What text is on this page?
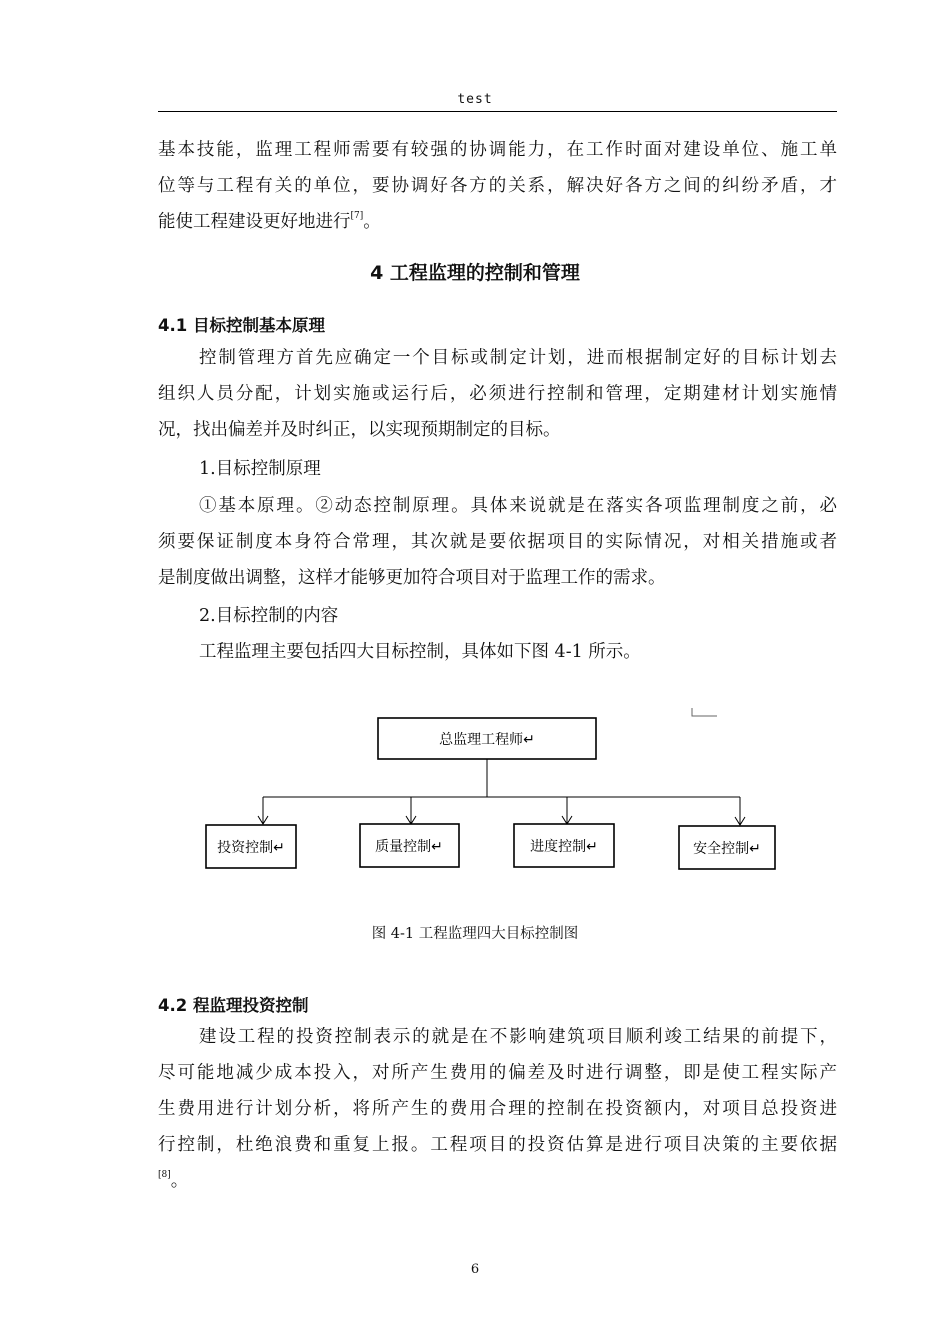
test
基本技能，监理工程师需要有较强的协调能力，在工作时面对建设单位、施工单
位等与工程有关的单位，要协调好各方的关系，解决好各方之间的纠纷矛盾，才
能使工程建设更好地进行[7]。
4 工程监理的控制和管理
4.1 目标控制基本原理
控制管理方首先应确定一个目标或制定计划，进而根据制定好的目标计划去
组织人员分配，计划实施或运行后，必须进行控制和管理，定期建材计划实施情
况，找出偏差并及时纠正，以实现预期制定的目标。
1.目标控制原理
①基本原理。②动态控制原理。具体来说就是在落实各项监理制度之前，必
须要保证制度本身符合常理，其次就是要依据项目的实际情况，对相关措施或者
是制度做出调整，这样才能够更加符合项目对于监理工作的需求。
2.目标控制的内容
工程监理主要包括四大目标控制，具体如下图 4-1 所示。
总监理工程师↵
投资控制↵	质量控制↵	进度控制↵	安全控制↵
图 4-1 工程监理四大目标控制图
4.2 程监理投资控制
建设工程的投资控制表示的就是在不影响建筑项目顺利竣工结果的前提下，
尽可能地减少成本投入，对所产生费用的偏差及时进行调整，即是使工程实际产
生费用进行计划分析，将所产生的费用合理的控制在投资额内，对项目总投资进
行控制，杜绝浪费和重复上报。工程项目的投资估算是进行项目决策的主要依据
[8]。
6
